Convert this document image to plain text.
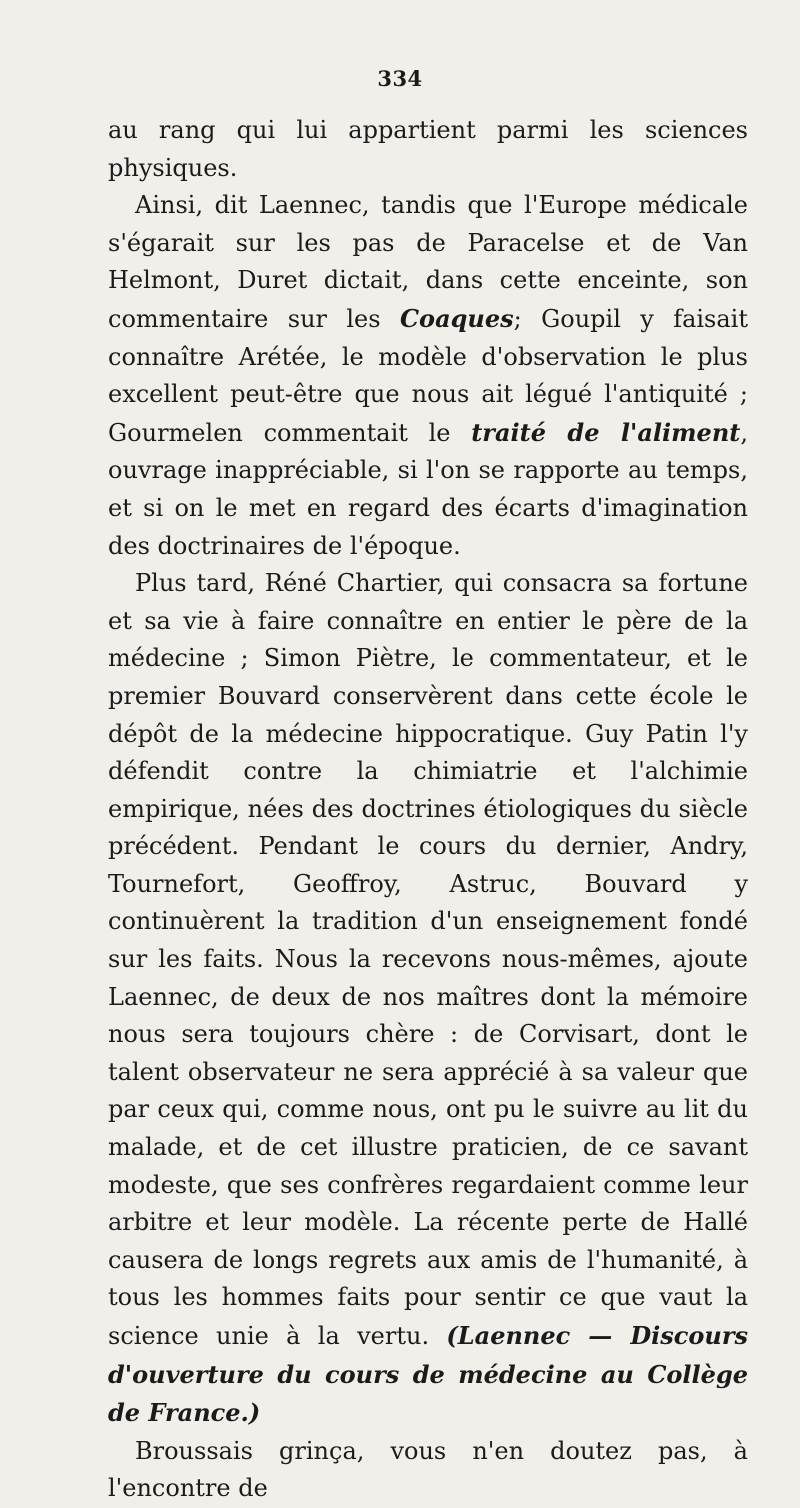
334

au rang qui lui appartient parmi les sciences physiques.

Ainsi, dit Laennec, tandis que l'Europe médicale s'égarait sur les pas de Paracelse et de Van Helmont, Duret dictait, dans cette enceinte, son commentaire sur les Coaques; Goupil y faisait connaître Arétée, le modèle d'observation le plus excellent peut-être que nous ait légué l'antiquité ; Gourmelen commentait le traité de l'aliment, ouvrage inappréciable, si l'on se rapporte au temps, et si on le met en regard des écarts d'imagination des doctrinaires de l'époque.

Plus tard, Réné Chartier, qui consacra sa fortune et sa vie à faire connaître en entier le père de la médecine ; Simon Piètre, le commentateur, et le premier Bouvard conservèrent dans cette école le dépôt de la médecine hippocratique. Guy Patin l'y défendit contre la chimiatrie et l'alchimie empirique, nées des doctrines étiologiques du siècle précédent. Pendant le cours du dernier, Andry, Tournefort, Geoffroy, Astruc, Bouvard y continuèrent la tradition d'un enseignement fondé sur les faits. Nous la recevons nous-mêmes, ajoute Laennec, de deux de nos maîtres dont la mémoire nous sera toujours chère : de Corvisart, dont le talent observateur ne sera apprécié à sa valeur que par ceux qui, comme nous, ont pu le suivre au lit du malade, et de cet illustre praticien, de ce savant modeste, que ses confrères regardaient comme leur arbitre et leur modèle. La récente perte de Hallé causera de longs regrets aux amis de l'humanité, à tous les hommes faits pour sentir ce que vaut la science unie à la vertu. (Laennec — Discours d'ouverture du cours de médecine au Collège de France.)

Broussais grinça, vous n'en doutez pas, à l'encontre de
